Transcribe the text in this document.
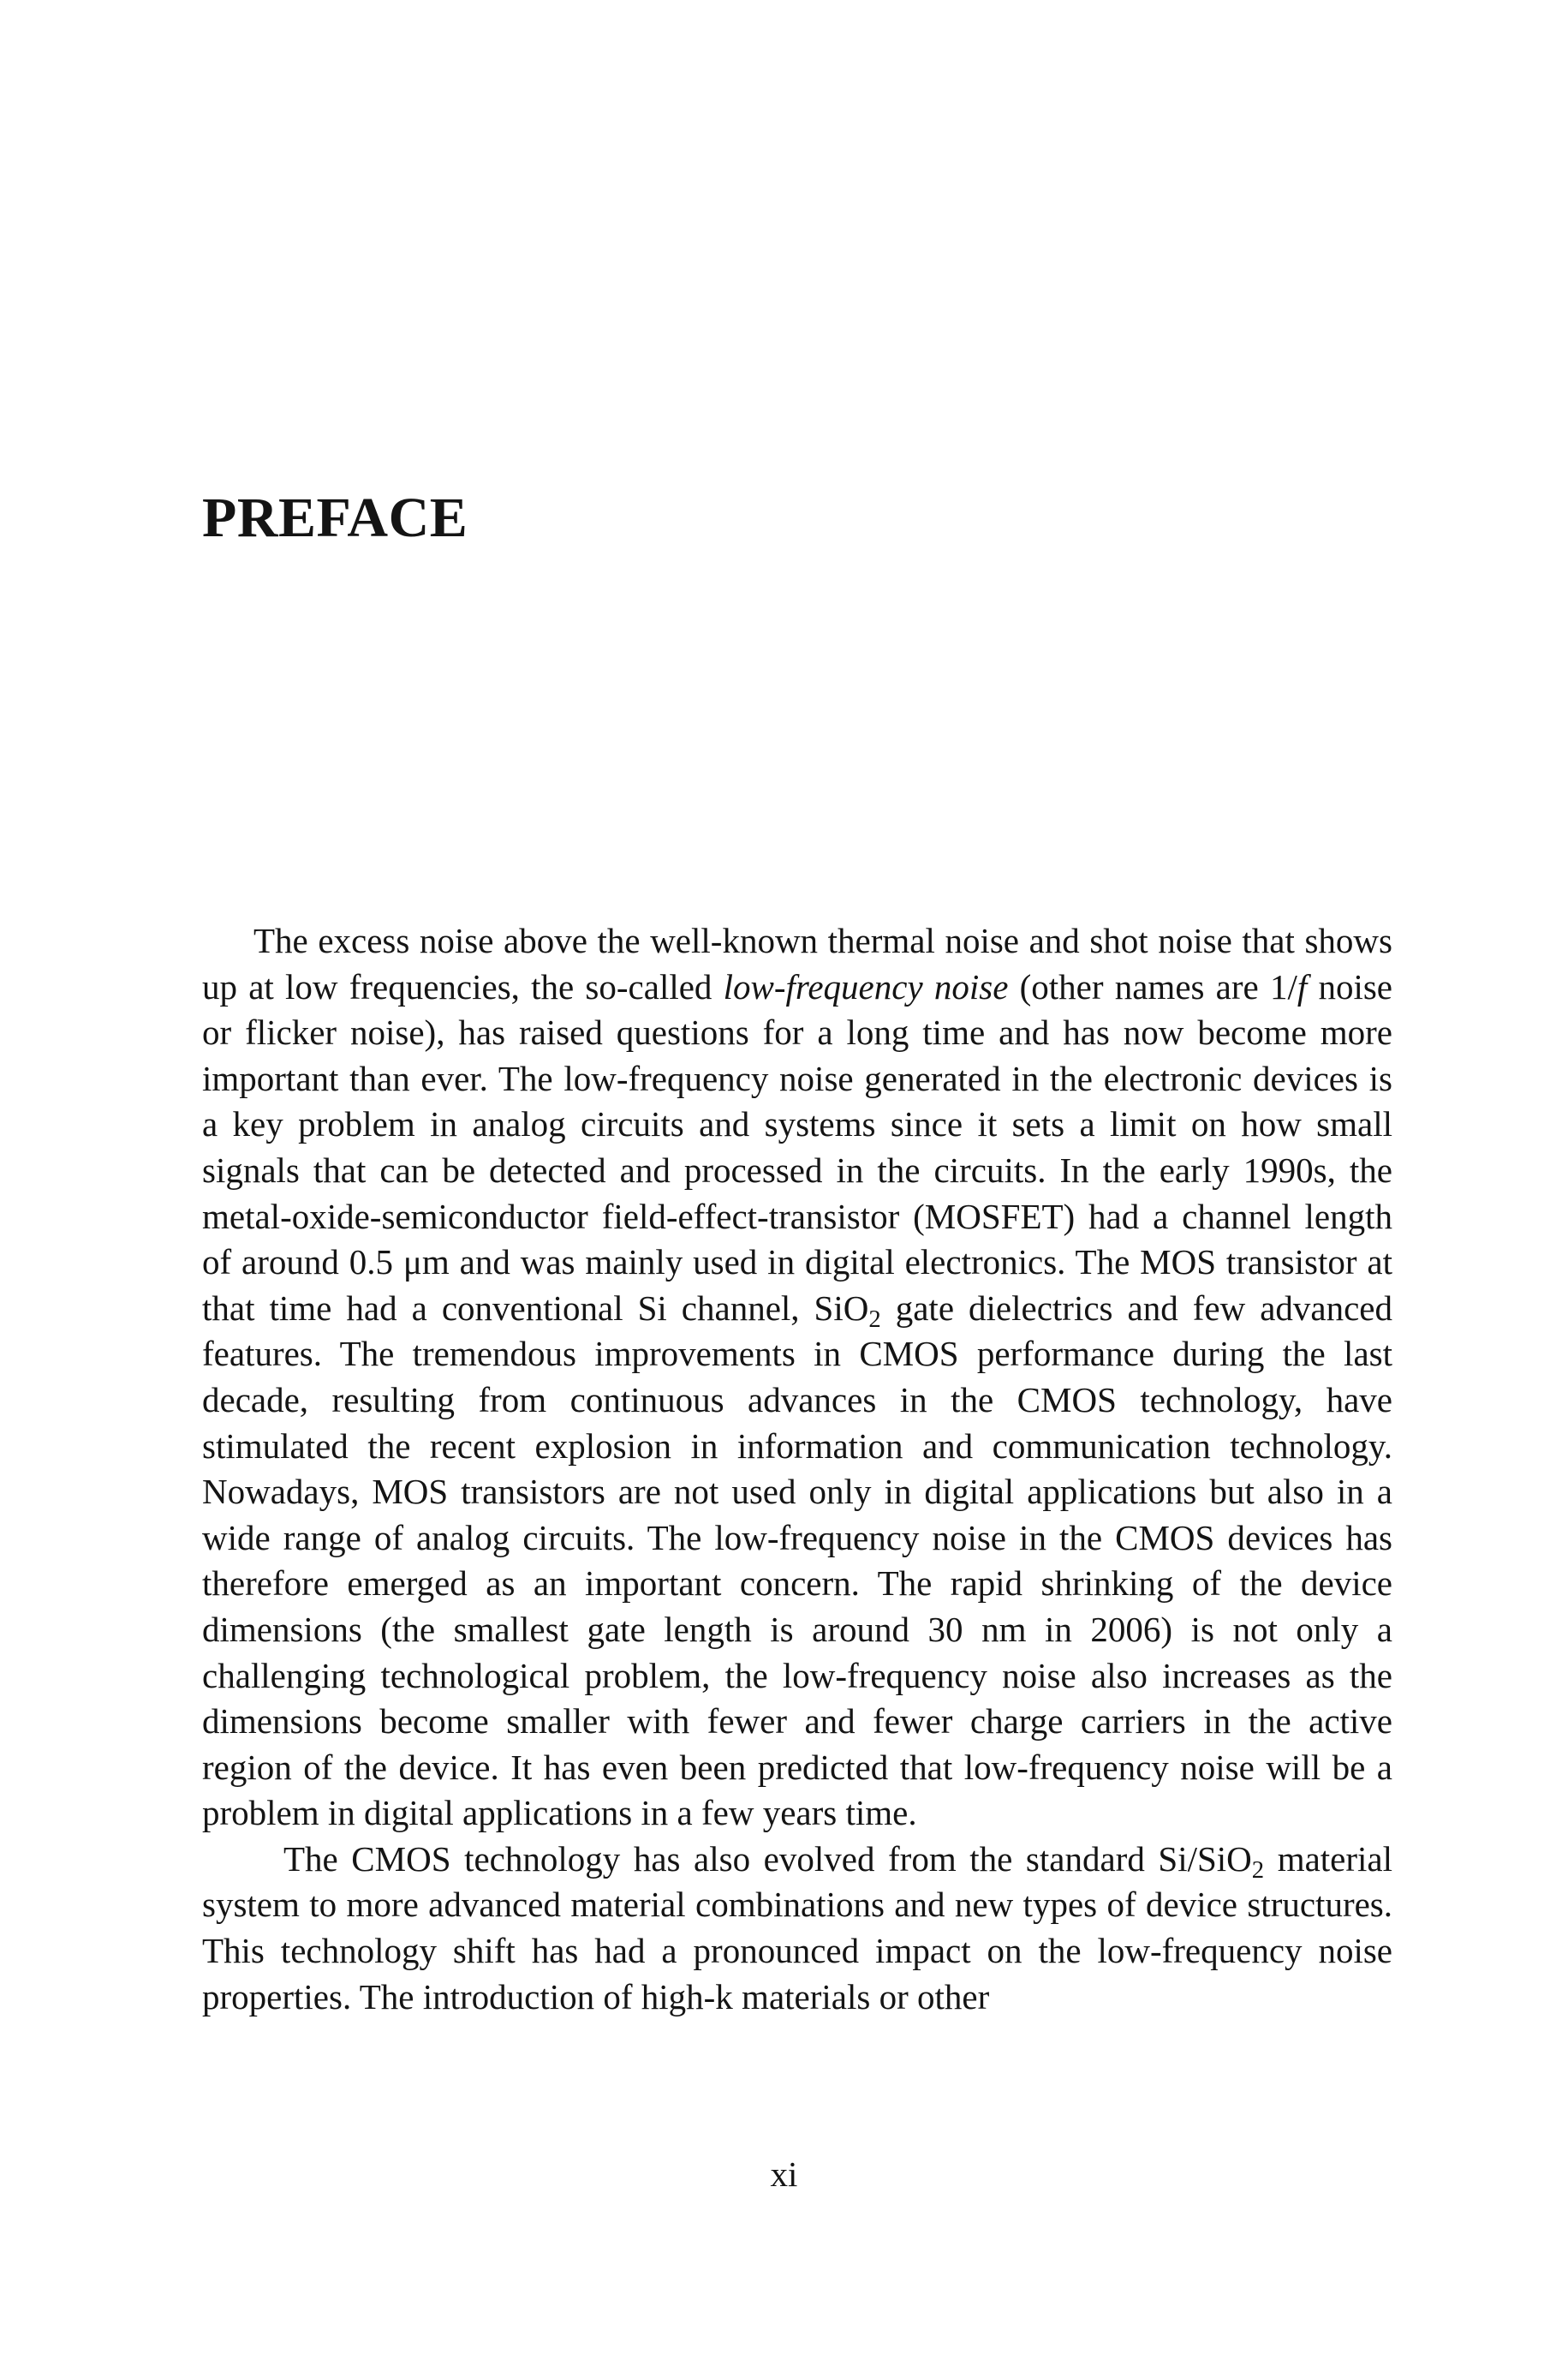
PREFACE

The excess noise above the well-known thermal noise and shot noise that shows up at low frequencies, the so-called low-frequency noise (other names are 1/f noise or flicker noise), has raised questions for a long time and has now become more important than ever. The low-frequency noise generated in the electronic devices is a key problem in analog circuits and systems since it sets a limit on how small signals that can be detected and processed in the circuits. In the early 1990s, the metal-oxide-semiconductor field-effect-transistor (MOSFET) had a channel length of around 0.5 μm and was mainly used in digital electronics. The MOS transistor at that time had a conventional Si channel, SiO$_2$ gate dielectrics and few advanced features. The tremendous improvements in CMOS performance during the last decade, resulting from continuous advances in the CMOS technology, have stimulated the recent explosion in information and communication technology. Nowadays, MOS transistors are not used only in digital applications but also in a wide range of analog circuits. The low-frequency noise in the CMOS devices has therefore emerged as an important concern. The rapid shrinking of the device dimensions (the smallest gate length is around 30 nm in 2006) is not only a challenging technological problem, the low-frequency noise also increases as the dimensions become smaller with fewer and fewer charge carriers in the active region of the device. It has even been predicted that low-frequency noise will be a problem in digital applications in a few years time.

The CMOS technology has also evolved from the standard Si/SiO$_2$ material system to more advanced material combinations and new types of device structures. This technology shift has had a pronounced impact on the low-frequency noise properties. The introduction of high-k materials or other

xi
